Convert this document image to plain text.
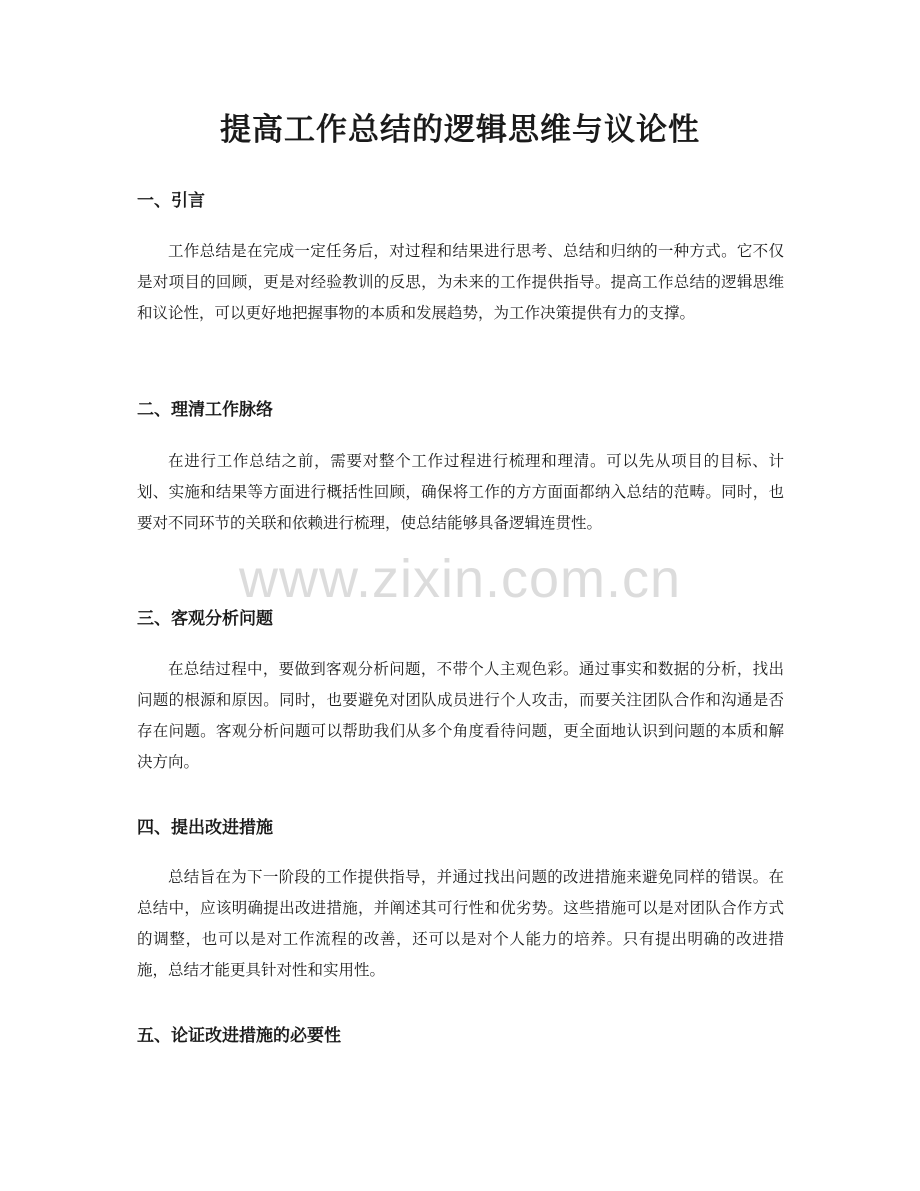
提高工作总结的逻辑思维与议论性
一、引言

工作总结是在完成一定任务后，对过程和结果进行思考、总结和归纳的一种方式。它不仅是对项目的回顾，更是对经验教训的反思，为未来的工作提供指导。提高工作总结的逻辑思维和议论性，可以更好地把握事物的本质和发展趋势，为工作决策提供有力的支撑。

二、理清工作脉络

在进行工作总结之前，需要对整个工作过程进行梳理和理清。可以先从项目的目标、计划、实施和结果等方面进行概括性回顾，确保将工作的方方面面都纳入总结的范畴。同时，也要对不同环节的关联和依赖进行梳理，使总结能够具备逻辑连贯性。

www.zixin.com.cn
三、客观分析问题

在总结过程中，要做到客观分析问题，不带个人主观色彩。通过事实和数据的分析，找出问题的根源和原因。同时，也要避免对团队成员进行个人攻击，而要关注团队合作和沟通是否存在问题。客观分析问题可以帮助我们从多个角度看待问题，更全面地认识到问题的本质和解决方向。

四、提出改进措施

总结旨在为下一阶段的工作提供指导，并通过找出问题的改进措施来避免同样的错误。在总结中，应该明确提出改进措施，并阐述其可行性和优劣势。这些措施可以是对团队合作方式的调整，也可以是对工作流程的改善，还可以是对个人能力的培养。只有提出明确的改进措施，总结才能更具针对性和实用性。

五、论证改进措施的必要性
